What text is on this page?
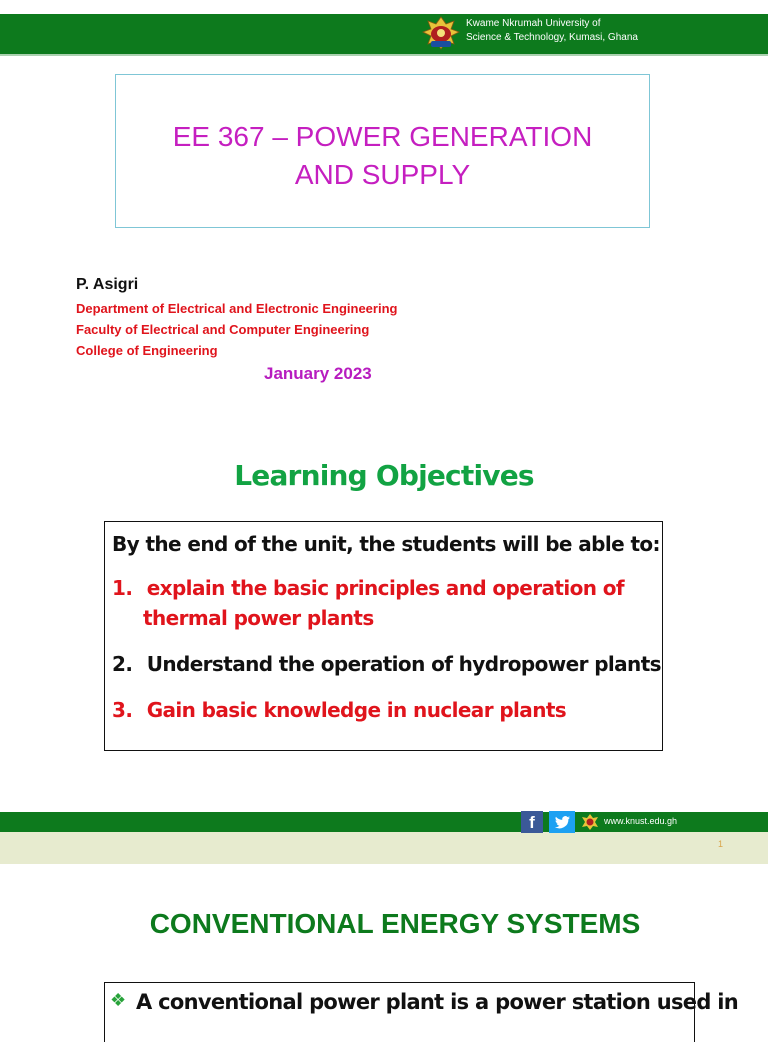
Kwame Nkrumah University of
Science & Technology, Kumasi, Ghana
EE 367 – POWER GENERATION
AND SUPPLY
P. Asigri
Department of Electrical and Electronic Engineering
Faculty of Electrical and Computer Engineering
College of Engineering
January 2023
Learning Objectives
By the end of the unit, the students will be able to:
1. explain the basic principles and operation of
thermal power plants
2. Understand the operation of hydropower plants
3. Gain basic knowledge in nuclear plants
f	www.knust.edu.gh
1
CONVENTIONAL ENERGY SYSTEMS
❖ A conventional power plant is a power station used in
